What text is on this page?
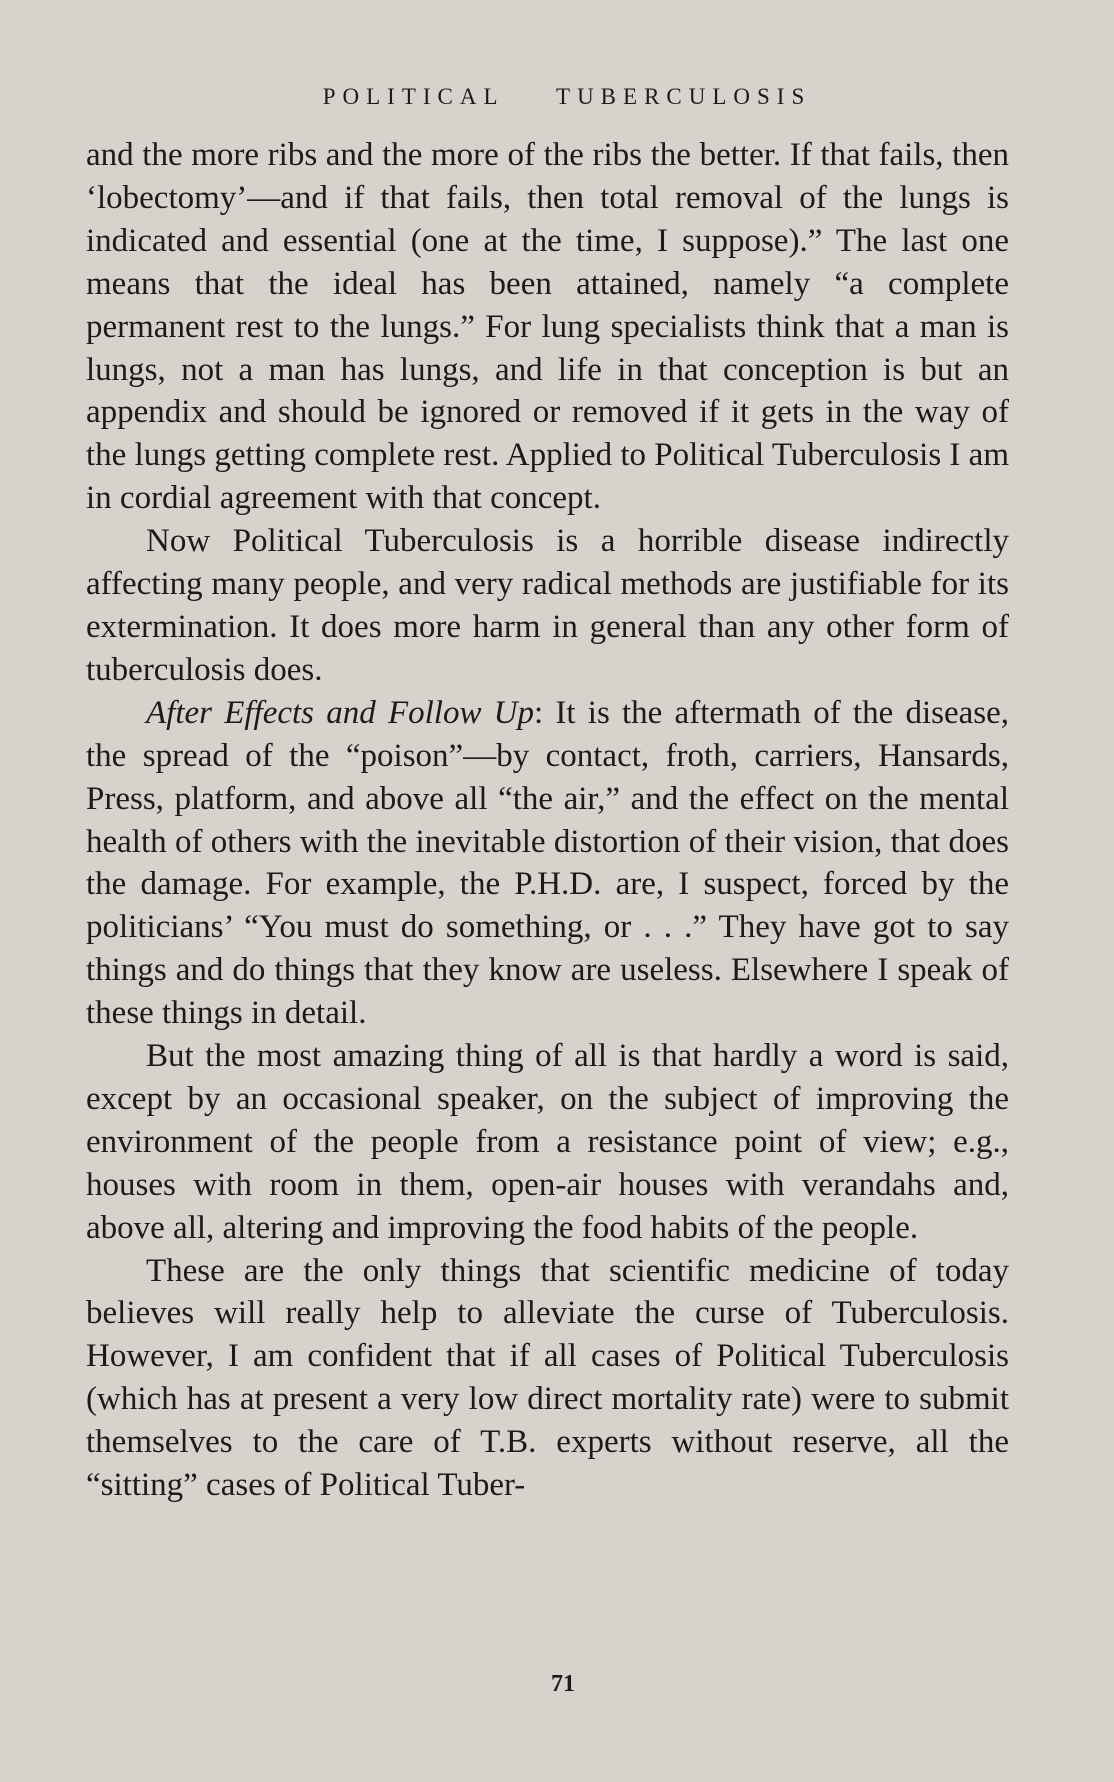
POLITICAL TUBERCULOSIS

and the more ribs and the more of the ribs the better. If that fails, then ‘lobectomy’—and if that fails, then total removal of the lungs is indicated and essential (one at the time, I suppose).” The last one means that the ideal has been attained, namely “a complete permanent rest to the lungs.” For lung specialists think that a man is lungs, not a man has lungs, and life in that conception is but an appendix and should be ignored or removed if it gets in the way of the lungs getting complete rest. Applied to Political Tuberculosis I am in cordial agreement with that concept.

Now Political Tuberculosis is a horrible disease indirectly affecting many people, and very radical methods are justifiable for its extermination. It does more harm in general than any other form of tuberculosis does.

After Effects and Follow Up: It is the aftermath of the disease, the spread of the “poison”—by contact, froth, carriers, Hansards, Press, platform, and above all “the air,” and the effect on the mental health of others with the inevitable distortion of their vision, that does the damage. For example, the P.H.D. are, I suspect, forced by the politicians’ “You must do something, or . . .” They have got to say things and do things that they know are useless. Elsewhere I speak of these things in detail.

But the most amazing thing of all is that hardly a word is said, except by an occasional speaker, on the subject of improving the environment of the people from a resistance point of view; e.g., houses with room in them, open-air houses with verandahs and, above all, altering and improving the food habits of the people.

These are the only things that scientific medicine of today believes will really help to alleviate the curse of Tuberculosis. However, I am confident that if all cases of Political Tuberculosis (which has at present a very low direct mortality rate) were to submit themselves to the care of T.B. experts without reserve, all the “sitting” cases of Political Tuber-

71
